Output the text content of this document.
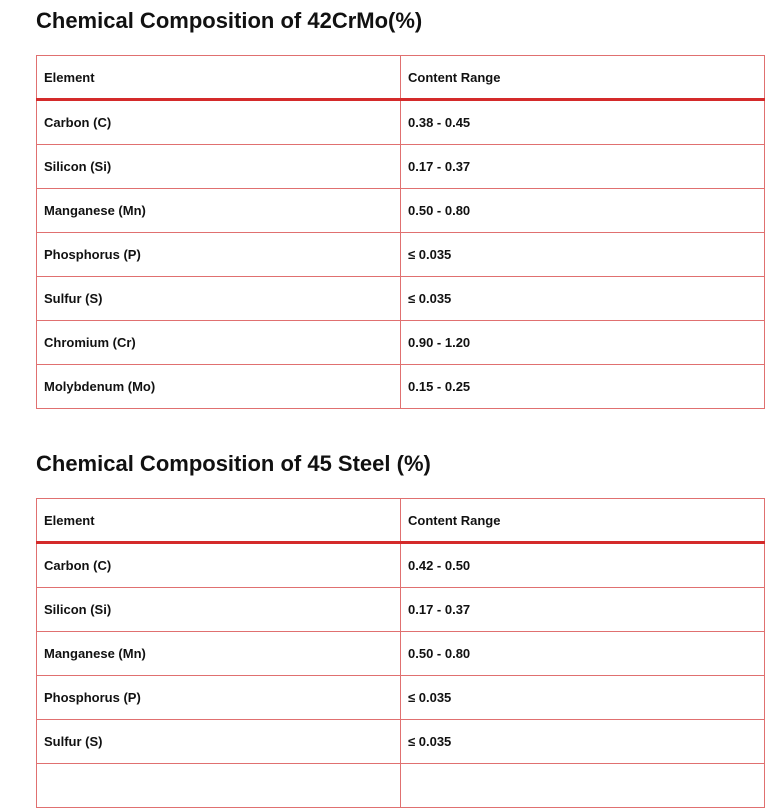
Chemical Composition of 42CrMo(%)
Element	Content Range
Carbon (C)	0.38 - 0.45
Silicon (Si)	0.17 - 0.37
Manganese (Mn)	0.50 - 0.80
Phosphorus (P)	≤ 0.035
Sulfur (S)	≤ 0.035
Chromium (Cr)	0.90 - 1.20
Molybdenum (Mo)	0.15 - 0.25
Chemical Composition of 45 Steel (%)
Element	Content Range
Carbon (C)	0.42 - 0.50
Silicon (Si)	0.17 - 0.37
Manganese (Mn)	0.50 - 0.80
Phosphorus (P)	≤ 0.035
Sulfur (S)	≤ 0.035
